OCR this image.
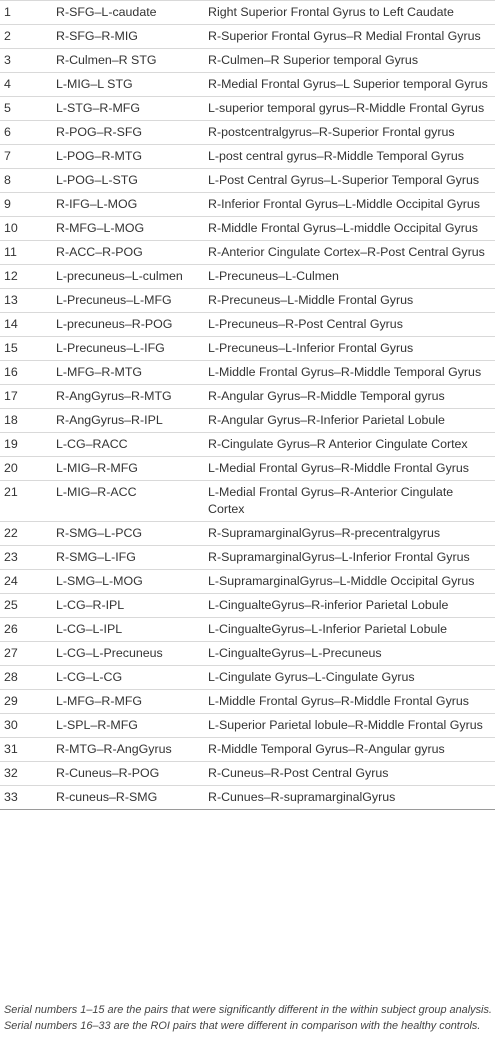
1	R-SFG–L-caudate	Right Superior Frontal Gyrus to Left Caudate
2	R-SFG–R-MIG	R-Superior Frontal Gyrus–R Medial Frontal Gyrus
3	R-Culmen–R STG	R-Culmen–R Superior temporal Gyrus
4	L-MIG–L STG	R-Medial Frontal Gyrus–L Superior temporal Gyrus
5	L-STG–R-MFG	L-superior temporal gyrus–R-Middle Frontal Gyrus
6	R-POG–R-SFG	R-postcentralgyrus–R-Superior Frontal gyrus
7	L-POG–R-MTG	L-post central gyrus–R-Middle Temporal Gyrus
8	L-POG–L-STG	L-Post Central Gyrus–L-Superior Temporal Gyrus
9	R-IFG–L-MOG	R-Inferior Frontal Gyrus–L-Middle Occipital Gyrus
10	R-MFG–L-MOG	R-Middle Frontal Gyrus–L-middle Occipital Gyrus
11	R-ACC–R-POG	R-Anterior Cingulate Cortex–R-Post Central Gyrus
12	L-precuneus–L-culmen	L-Precuneus–L-Culmen
13	L-Precuneus–L-MFG	R-Precuneus–L-Middle Frontal Gyrus
14	L-precuneus–R-POG	L-Precuneus–R-Post Central Gyrus
15	L-Precuneus–L-IFG	L-Precuneus–L-Inferior Frontal Gyrus
16	L-MFG–R-MTG	L-Middle Frontal Gyrus–R-Middle Temporal Gyrus
17	R-AngGyrus–R-MTG	R-Angular Gyrus–R-Middle Temporal gyrus
18	R-AngGyrus–R-IPL	R-Angular Gyrus–R-Inferior Parietal Lobule
19	L-CG–RACC	R-Cingulate Gyrus–R Anterior Cingulate Cortex
20	L-MIG–R-MFG	L-Medial Frontal Gyrus–R-Middle Frontal Gyrus
21	L-MIG–R-ACC	L-Medial Frontal Gyrus–R-Anterior Cingulate Cortex
22	R-SMG–L-PCG	R-SupramarginalGyrus–R-precentralgyrus
23	R-SMG–L-IFG	R-SupramarginalGyrus–L-Inferior Frontal Gyrus
24	L-SMG–L-MOG	L-SupramarginalGyrus–L-Middle Occipital Gyrus
25	L-CG–R-IPL	L-CingualteGyrus–R-inferior Parietal Lobule
26	L-CG–L-IPL	L-CingualteGyrus–L-Inferior Parietal Lobule
27	L-CG–L-Precuneus	L-CingualteGyrus–L-Precuneus
28	L-CG–L-CG	L-Cingulate Gyrus–L-Cingulate Gyrus
29	L-MFG–R-MFG	L-Middle Frontal Gyrus–R-Middle Frontal Gyrus
30	L-SPL–R-MFG	L-Superior Parietal lobule–R-Middle Frontal Gyrus
31	R-MTG–R-AngGyrus	R-Middle Temporal Gyrus–R-Angular gyrus
32	R-Cuneus–R-POG	R-Cuneus–R-Post Central Gyrus
33	R-cuneus–R-SMG	R-Cunues–R-supramarginalGyrus
Serial numbers 1–15 are the pairs that were significantly different in the within subject group analysis. Serial numbers 16–33 are the ROI pairs that were different in comparison with the healthy controls.
